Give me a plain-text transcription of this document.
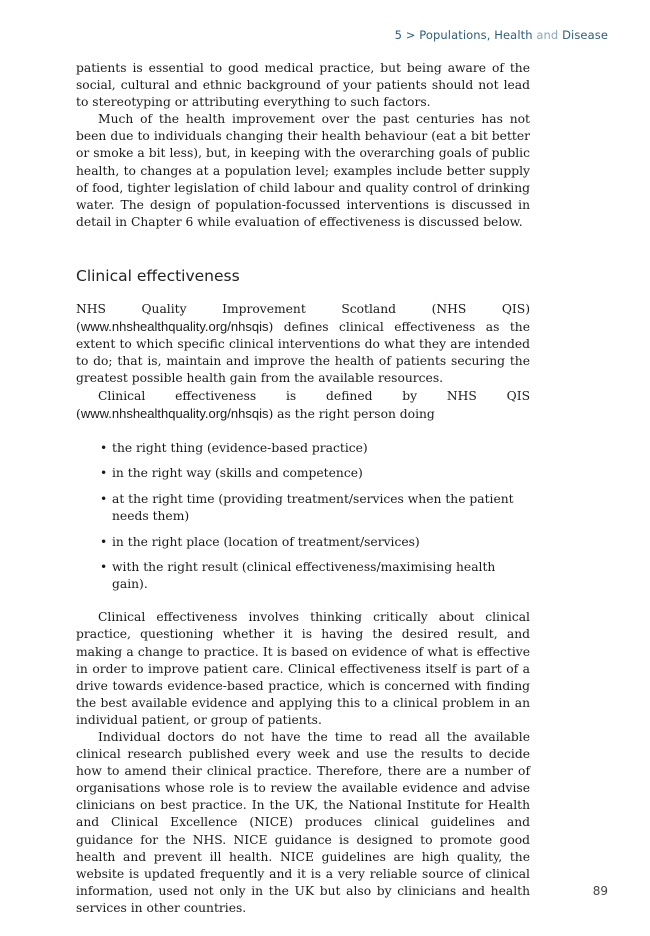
5 > Populations, Health and Disease

patients is essential to good medical practice, but being aware of the social, cultural and ethnic background of your patients should not lead to stereotyping or attributing everything to such factors.

Much of the health improvement over the past centuries has not been due to individuals changing their health behaviour (eat a bit better or smoke a bit less), but, in keeping with the overarching goals of public health, to changes at a population level; examples include better supply of food, tighter legislation of child labour and quality control of drinking water. The design of population-focussed interventions is discussed in detail in Chapter 6 while evaluation of effectiveness is discussed below.

Clinical effectiveness

NHS Quality Improvement Scotland (NHS QIS) (www.nhshealthquality.org/nhsqis) defines clinical effectiveness as the extent to which specific clinical interventions do what they are intended to do; that is, maintain and improve the health of patients securing the greatest possible health gain from the available resources.

Clinical effectiveness is defined by NHS QIS (www.nhshealthquality.org/nhsqis) as the right person doing

• the right thing (evidence-based practice)
• in the right way (skills and competence)
• at the right time (providing treatment/services when the patient needs them)
• in the right place (location of treatment/services)
• with the right result (clinical effectiveness/maximising health gain).

Clinical effectiveness involves thinking critically about clinical practice, questioning whether it is having the desired result, and making a change to practice. It is based on evidence of what is effective in order to improve patient care. Clinical effectiveness itself is part of a drive towards evidence-based practice, which is concerned with finding the best available evidence and applying this to a clinical problem in an individual patient, or group of patients.

Individual doctors do not have the time to read all the available clinical research published every week and use the results to decide how to amend their clinical practice. Therefore, there are a number of organisations whose role is to review the available evidence and advise clinicians on best practice. In the UK, the National Institute for Health and Clinical Excellence (NICE) produces clinical guidelines and guidance for the NHS. NICE guidance is designed to promote good health and prevent ill health. NICE guidelines are high quality, the website is updated frequently and it is a very reliable source of clinical information, used not only in the UK but also by clinicians and health services in other countries.

89
